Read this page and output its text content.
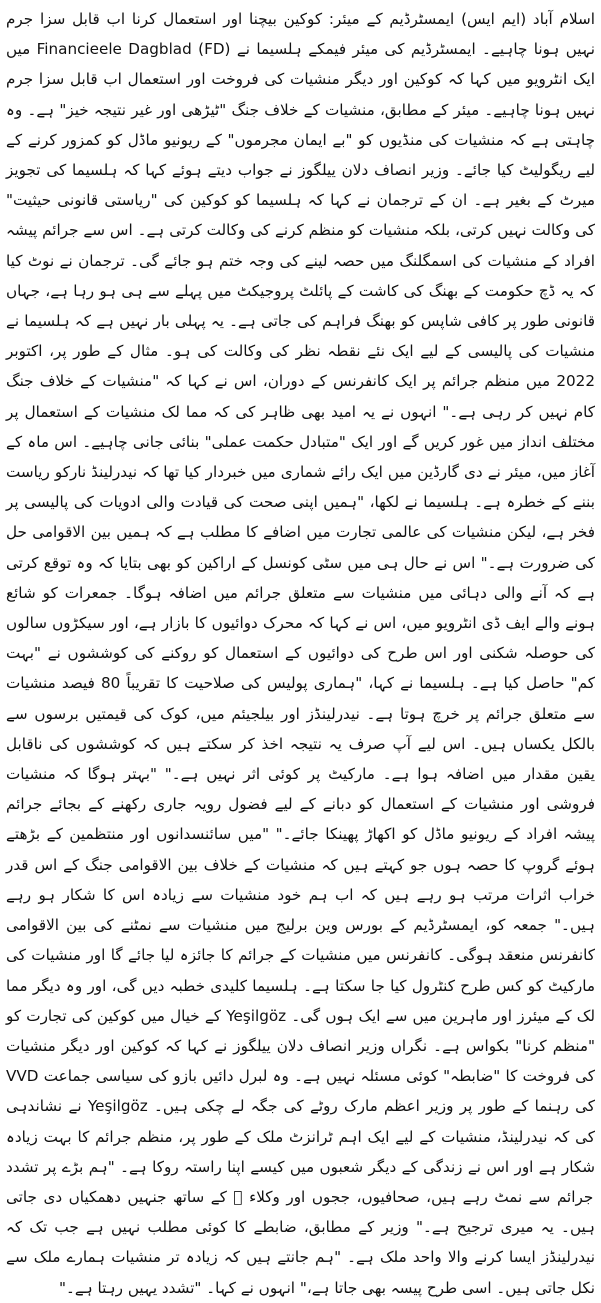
اسلام آباد (ایم ایس) ایمسٹرڈیم کے میئر: کوکین بیچنا اور استعمال کرنا اب قابل سزا جرم نہیں ہونا چاہیے۔ ایمسٹرڈیم کی میئر فیمکے ہلسیما نے (FD) Financieele Dagblad میں ایک انٹرویو میں کہا کہ کوکین اور دیگر منشیات کی فروخت اور استعمال اب قابل سزا جرم نہیں ہونا چاہیے۔ میئر کے مطابق، منشیات کے خلاف جنگ "ٹیڑھی اور غیر نتیجہ خیز" ہے۔ وہ چاہتی ہے کہ منشیات کی منڈیوں کو "بے ایمان مجرموں" کے ریونیو ماڈل کو کمزور کرنے کے لیے ریگولیٹ کیا جائے۔ وزیر انصاف دلان ییلگوز نے جواب دیتے ہوئے کہا کہ ہلسیما کی تجویز میرٹ کے بغیر ہے۔ ان کے ترجمان نے کہا کہ ہلسیما کو کوکین کی "ریاستی قانونی حیثیت" کی وکالت نہیں کرتی، بلکہ منشیات کو منظم کرنے کی وکالت کرتی ہے۔ اس سے جرائم پیشہ افراد کے منشیات کی اسمگلنگ میں حصہ لینے کی وجہ ختم ہو جائے گی۔ ترجمان نے نوٹ کیا کہ یہ ڈچ حکومت کے بھنگ کی کاشت کے پائلٹ پروجیکٹ میں پہلے سے ہی ہو رہا ہے، جہاں قانونی طور پر کافی شاپس کو بھنگ فراہم کی جاتی ہے۔ یہ پہلی بار نہیں ہے کہ ہلسیما نے منشیات کی پالیسی کے لیے ایک نئے نقطہ نظر کی وکالت کی ہو۔ مثال کے طور پر، اکتوبر 2022 میں منظم جرائم پر ایک کانفرنس کے دوران، اس نے کہا کہ "منشیات کے خلاف جنگ کام نہیں کر رہی ہے۔" انہوں نے یہ امید بھی ظاہر کی کہ مما لک منشیات کے استعمال پر مختلف انداز میں غور کریں گے اور ایک "متبادل حکمت عملی" بنائی جانی چاہیے۔ اس ماہ کے آغاز میں، میئر نے دی گارڈین میں ایک رائے شماری میں خبردار کیا تھا کہ نیدرلینڈ نارکو ریاست بننے کے خطرہ ہے۔ ہلسیما نے لکھا، "ہمیں اپنی صحت کی قیادت والی ادویات کی پالیسی پر فخر ہے، لیکن منشیات کی عالمی تجارت میں اضافے کا مطلب ہے کہ ہمیں بین الاقوامی حل کی ضرورت ہے۔" اس نے حال ہی میں سٹی کونسل کے اراکین کو بھی بتایا کہ وہ توقع کرتی ہے کہ آنے والی دہائی میں منشیات سے متعلق جرائم میں اضافہ ہوگا۔ جمعرات کو شائع ہونے والے ایف ڈی انٹرویو میں، اس نے کہا کہ محرک دوائیوں کا بازار ہے، اور سیکڑوں سالوں کی حوصلہ شکنی اور اس طرح کی دوائیوں کے استعمال کو روکنے کی کوششوں نے "بہت کم" حاصل کیا ہے۔ ہلسیما نے کہا، "ہماری پولیس کی صلاحیت کا تقریباً 80 فیصد منشیات سے متعلق جرائم پر خرچ ہوتا ہے۔ نیدرلینڈز اور بیلجیئم میں، کوک کی قیمتیں برسوں سے بالکل یکساں ہیں۔ اس لیے آپ صرف یہ نتیجہ اخذ کر سکتے ہیں کہ کوششوں کی ناقابل یقین مقدار میں اضافہ ہوا ہے۔ مارکیٹ پر کوئی اثر نہیں ہے۔" "بہتر ہوگا کہ منشیات فروشی اور منشیات کے استعمال کو دبانے کے لیے فضول رویہ جاری رکھنے کے بجائے جرائم پیشہ افراد کے ریونیو ماڈل کو اکھاڑ پھینکا جائے۔" "میں سائنسدانوں اور منتظمین کے بڑھتے ہوئے گروپ کا حصہ ہوں جو کہتے ہیں کہ منشیات کے خلاف بین الاقوامی جنگ کے اس قدر خراب اثرات مرتب ہو رہے ہیں کہ اب ہم خود منشیات سے زیادہ اس کا شکار ہو رہے ہیں۔" جمعہ کو، ایمسٹرڈیم کے بورس وین برلیج میں منشیات سے نمٹنے کی بین الاقوامی کانفرنس منعقد ہوگی۔ کانفرنس میں منشیات کے جرائم کا جائزہ لیا جائے گا اور منشیات کی مارکیٹ کو کس طرح کنٹرول کیا جا سکتا ہے۔ ہلسیما کلیدی خطبہ دیں گی، اور وہ دیگر مما لک کے میئرز اور ماہرین میں سے ایک ہوں گی۔ Yeşilgöz کے خیال میں کوکین کی تجارت کو "منظم کرنا" بکواس ہے۔ نگراں وزیر انصاف دلان ییلگوز نے کہا کہ کوکین اور دیگر منشیات کی فروخت کا "ضابطہ" کوئی مسئلہ نہیں ہے۔ وہ لبرل دائیں بازو کی سیاسی جماعت VVD کی رہنما کے طور پر وزیر اعظم مارک روٹے کی جگہ لے چکی ہیں۔ Yeşilgöz نے نشاندہی کی کہ نیدرلینڈ، منشیات کے لیے ایک اہم ٹرانزٹ ملک کے طور پر، منظم جرائم کا بہت زیادہ شکار ہے اور اس نے زندگی کے دیگر شعبوں میں کیسے اپنا راستہ روکا ہے۔ "ہم بڑے پر تشدد جرائم سے نمٹ رہے ہیں، صحافیوں، ججوں اور وکلاء ⃞ کے ساتھ جنہیں دھمکیاں دی جاتی ہیں۔ یہ میری ترجیح ہے۔" وزیر کے مطابق، ضابطے کا کوئی مطلب نہیں ہے جب تک کہ نیدرلینڈز ایسا کرنے والا واحد ملک ہے۔ "ہم جانتے ہیں کہ زیادہ تر منشیات ہمارے ملک سے نکل جاتی ہیں۔ اسی طرح پیسہ بھی جاتا ہے،" انہوں نے کہا۔ "تشدد یہیں رہتا ہے۔"
